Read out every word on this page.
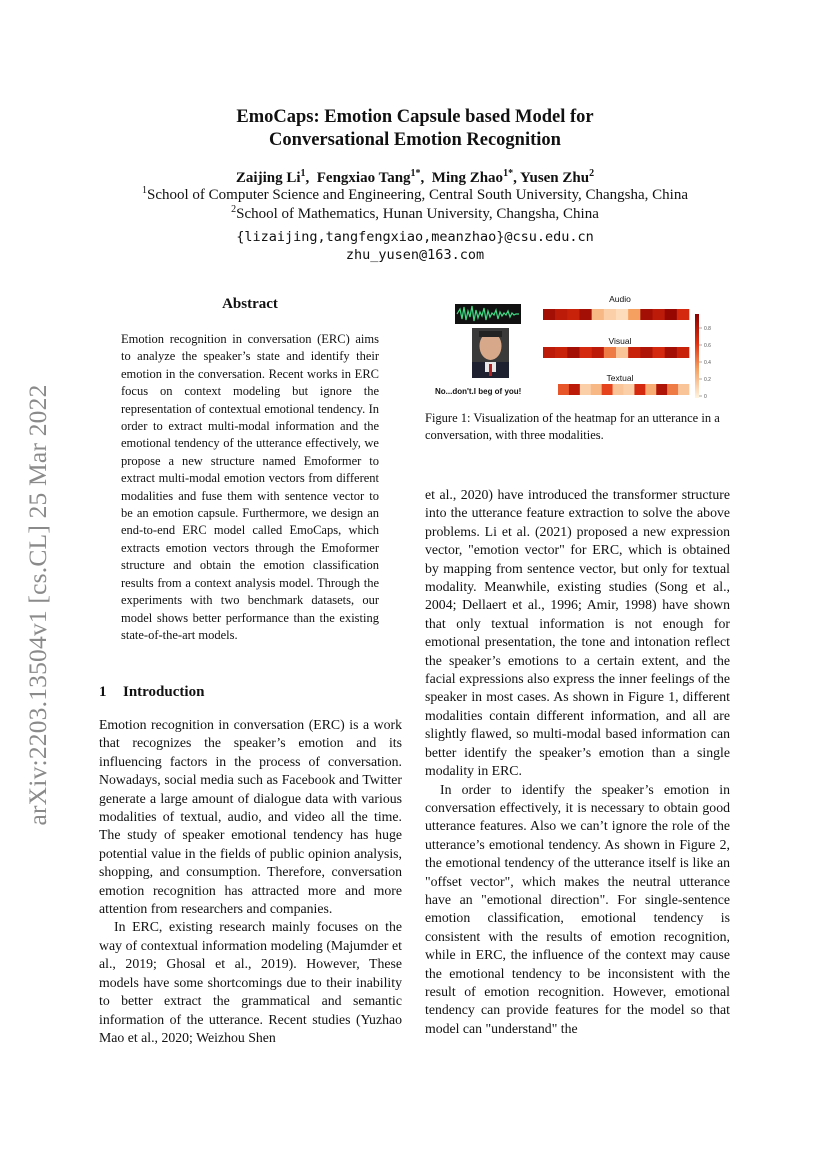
arXiv:2203.13504v1 [cs.CL] 25 Mar 2022
EmoCaps: Emotion Capsule based Model for
Conversational Emotion Recognition
Zaijing Li$^1$,  Fengxiao Tang$^{1*}$,  Ming Zhao$^{1*}$, Yusen Zhu$^2$
$^1$School of Computer Science and Engineering, Central South University, Changsha, China
$^2$School of Mathematics, Hunan University, Changsha, China
{lizaijing,tangfengxiao,meanzhao}@csu.edu.cn
zhu_yusen@163.com
Abstract
Emotion recognition in conversation (ERC) aims to analyze the speaker’s state and identify their emotion in the conversation. Recent works in ERC focus on context modeling but ignore the representation of contextual emotional tendency. In order to extract multi-modal information and the emotional tendency of the utterance effectively, we propose a new structure named Emoformer to extract multi-modal emotion vectors from different modalities and fuse them with sentence vector to be an emotion capsule. Furthermore, we design an end-to-end ERC model called EmoCaps, which extracts emotion vectors through the Emoformer structure and obtain the emotion classification results from a context analysis model. Through the experiments with two benchmark datasets, our model shows better performance than the existing state-of-the-art models.
1 Introduction

Emotion recognition in conversation (ERC) is a work that recognizes the speaker’s emotion and its influencing factors in the process of conversation. Nowadays, social media such as Facebook and Twitter generate a large amount of dialogue data with various modalities of textual, audio, and video all the time. The study of speaker emotional tendency has huge potential value in the fields of public opinion analysis, shopping, and consumption. Therefore, conversation emotion recognition has attracted more and more attention from researchers and companies.

In ERC, existing research mainly focuses on the way of contextual information modeling (Majumder et al., 2019; Ghosal et al., 2019). However, These models have some shortcomings due to their inability to better extract the grammatical and semantic information of the utterance. Recent studies (Yuzhao Mao et al., 2020; Weizhou Shen

Audio
Visual
Textual
No...don't.I beg of you!
0.8
0.6
0.4
0.2
0
Figure 1: Visualization of the heatmap for an utterance in a conversation, with three modalities.

et al., 2020) have introduced the transformer structure into the utterance feature extraction to solve the above problems. Li et al. (2021) proposed a new expression vector, "emotion vector" for ERC, which is obtained by mapping from sentence vector, but only for textual modality. Meanwhile, existing studies (Song et al., 2004; Dellaert et al., 1996; Amir, 1998) have shown that only textual information is not enough for emotional presentation, the tone and intonation reflect the speaker’s emotions to a certain extent, and the facial expressions also express the inner feelings of the speaker in most cases. As shown in Figure 1, different modalities contain different information, and all are slightly flawed, so multi-modal based information can better identify the speaker’s emotion than a single modality in ERC.

In order to identify the speaker’s emotion in conversation effectively, it is necessary to obtain good utterance features. Also we can’t ignore the role of the utterance’s emotional tendency. As shown in Figure 2, the emotional tendency of the utterance itself is like an "offset vector", which makes the neutral utterance have an "emotional direction". For single-sentence emotion classification, emotional tendency is consistent with the results of emotion recognition, while in ERC, the influence of the context may cause the emotional tendency to be inconsistent with the result of emotion recognition. However, emotional tendency can provide features for the model so that model can "understand" the
